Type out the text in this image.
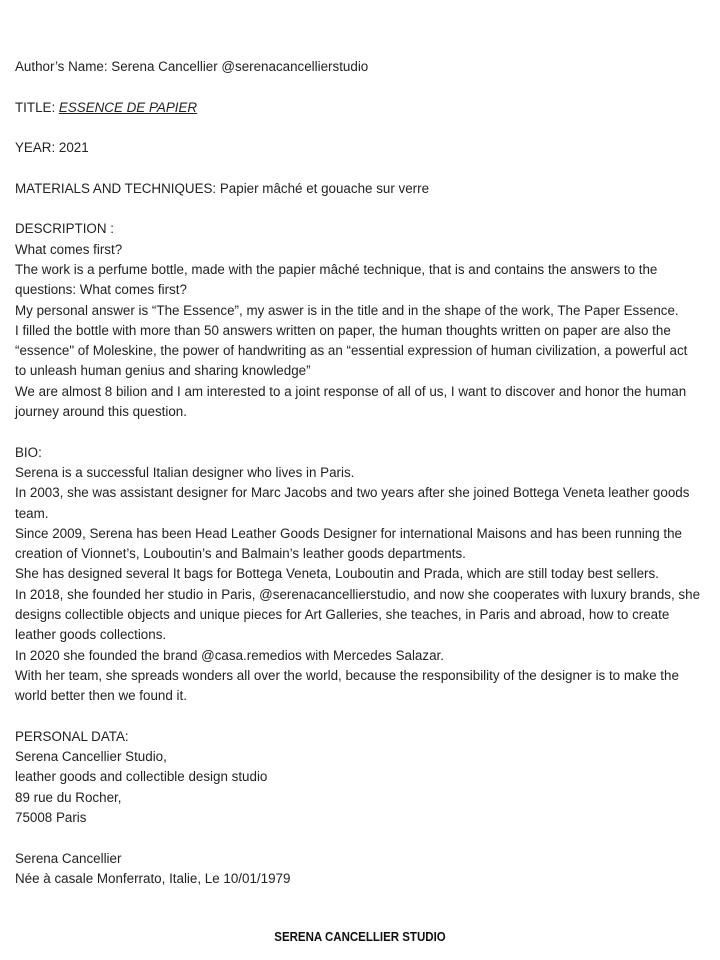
Author’s Name: Serena Cancellier @serenacancellierstudio
TITLE: ESSENCE DE PAPIER
YEAR: 2021
MATERIALS AND TECHNIQUES: Papier mâché et gouache sur verre
DESCRIPTION :
What comes first?
The work is a perfume bottle, made with the papier mâché technique, that is and contains the answers to the
questions: What comes first?
My personal answer is “The Essence”, my aswer is in the title and in the shape of the work, The Paper Essence.
I filled the bottle with more than 50 answers written on paper, the human thoughts written on paper are also the
“essence" of Moleskine, the power of handwriting as an “essential expression of human civilization, a powerful act
to unleash human genius and sharing knowledge”
We are almost 8 bilion and I am interested to a joint response of all of us, I want to discover and honor the human
journey around this question.
BIO:
Serena is a successful Italian designer who lives in Paris.
In 2003, she was assistant designer for Marc Jacobs and two years after she joined Bottega Veneta leather goods
team.
Since 2009, Serena has been Head Leather Goods Designer for international Maisons and has been running the
creation of Vionnet’s, Louboutin’s and Balmain’s leather goods departments.
She has designed several It bags for Bottega Veneta, Louboutin and Prada, which are still today best sellers.
In 2018, she founded her studio in Paris, @serenacancellierstudio, and now she cooperates with luxury brands, she
designs collectible objects and unique pieces for Art Galleries, she teaches, in Paris and abroad, how to create
leather goods collections.
In 2020 she founded the brand @casa.remedios with Mercedes Salazar.
With her team, she spreads wonders all over the world, because the responsibility of the designer is to make the
world better then we found it.
PERSONAL DATA:
Serena Cancellier Studio,
leather goods and collectible design studio
89 rue du Rocher,
75008 Paris
Serena Cancellier
Née à casale Monferrato, Italie, Le 10/01/1979
SERENA CANCELLIER STUDIO
